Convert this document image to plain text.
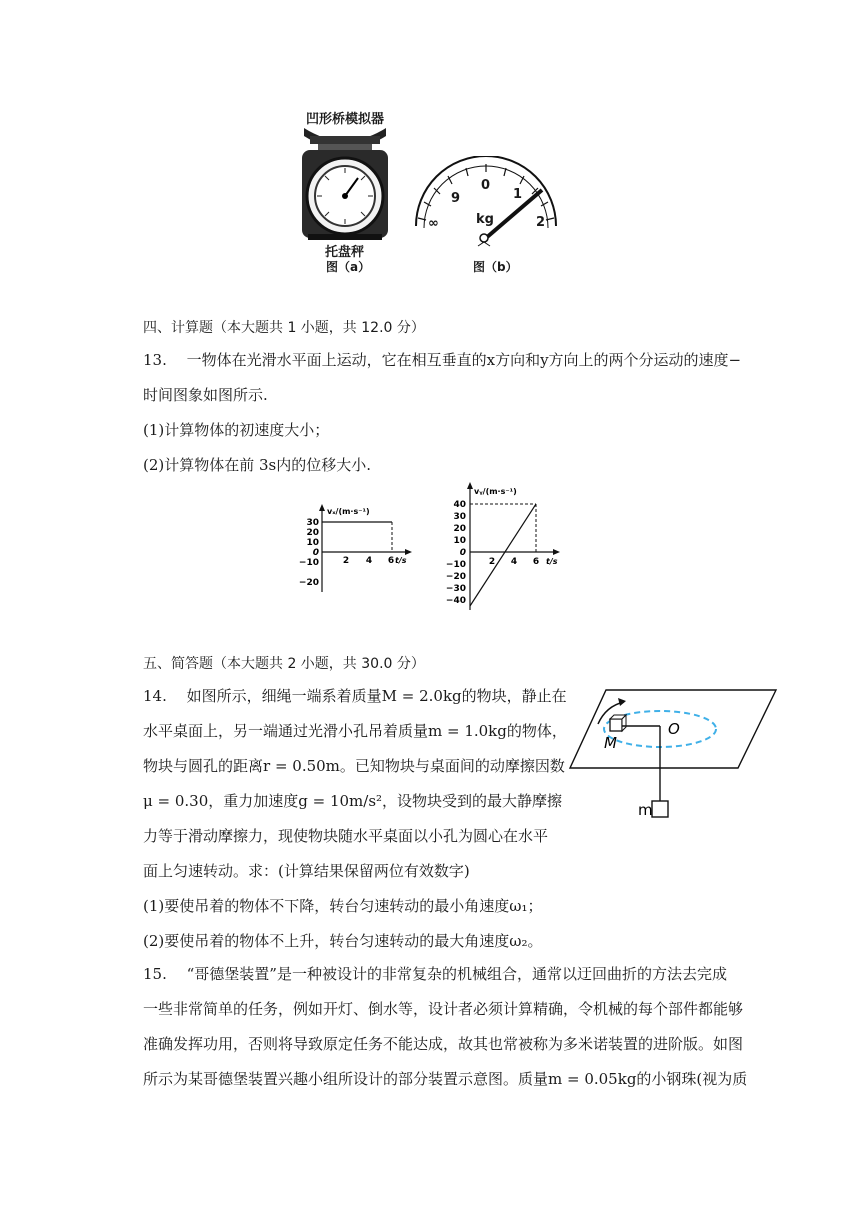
凹形桥模拟器
托盘秤
图（a）
∞
9
0
1
2
kg
图（b）
四、计算题（本大题共 1 小题，共 12.0 分）
13.　 一物体在光滑水平面上运动，它在相互垂直的x方向和y方向上的两个分运动的速度−
时间图象如图所示.
(1)计算物体的初速度大小；
(2)计算物体在前 3s内的位移大小.
vₓ/(m·s⁻¹)
t/s
30
20
10
0
−10
−20
2 4 6
vᵧ/(m·s⁻¹)
t/s
40
30
20
10
0
−10
−20
−30
−40
2 4 6
五、简答题（本大题共 2 小题，共 30.0 分）
14.　 如图所示，细绳一端系着质量M = 2.0kg的物块，静止在
水平桌面上，另一端通过光滑小孔吊着质量m = 1.0kg的物体，
物块与圆孔的距离r = 0.50m。已知物块与桌面间的动摩擦因数
μ = 0.30，重力加速度g = 10m/s²，设物块受到的最大静摩擦
力等于滑动摩擦力，现使物块随水平桌面以小孔为圆心在水平
面上匀速转动。求：(计算结果保留两位有效数字)
(1)要使吊着的物体不下降，转台匀速转动的最小角速度ω₁；
(2)要使吊着的物体不上升，转台匀速转动的最大角速度ω₂。
M
O
m
15.　 “哥德堡装置”是一种被设计的非常复杂的机械组合，通常以迂回曲折的方法去完成
一些非常简单的任务，例如开灯、倒水等，设计者必须计算精确，令机械的每个部件都能够
准确发挥功用，否则将导致原定任务不能达成，故其也常被称为多米诺装置的进阶版。如图
所示为某哥德堡装置兴趣小组所设计的部分装置示意图。质量m = 0.05kg的小钢珠(视为质
